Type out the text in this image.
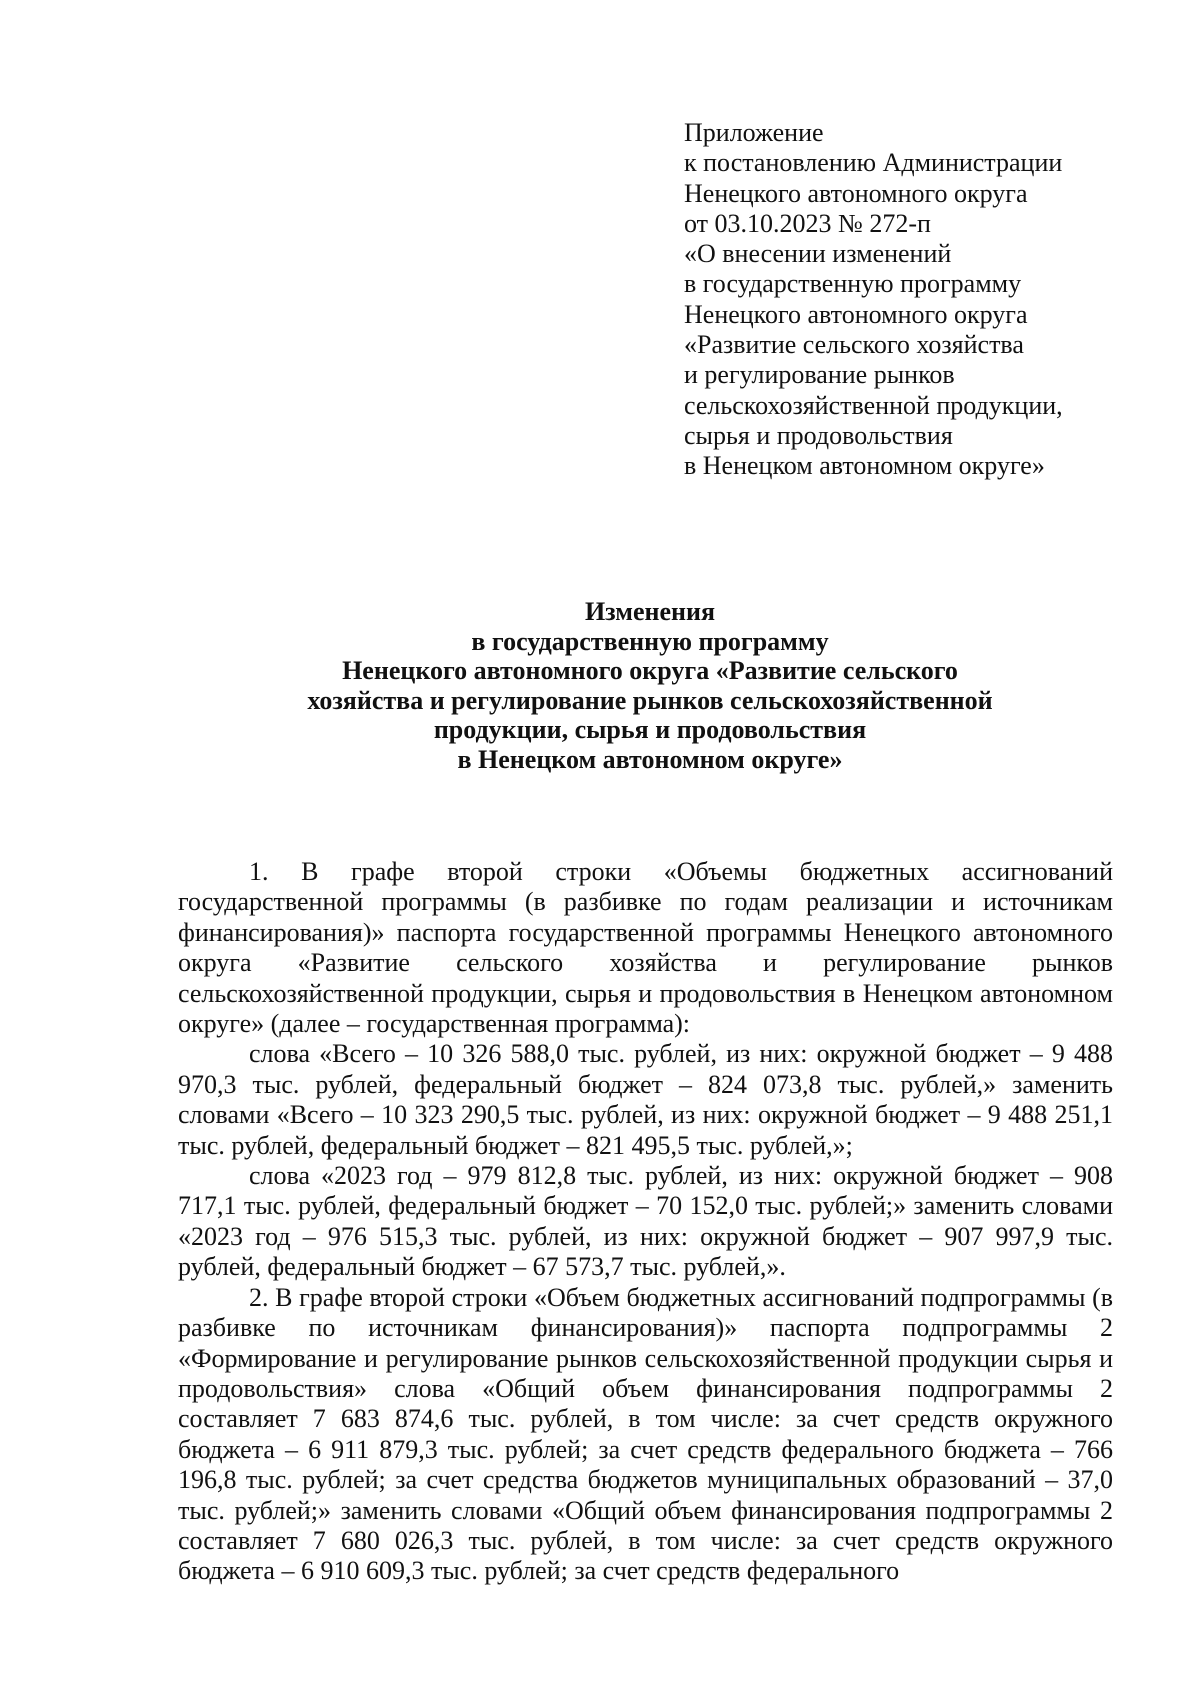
Приложение
к постановлению Администрации
Ненецкого автономного округа
от 03.10.2023 № 272-п
«О внесении изменений
в государственную программу
Ненецкого автономного округа
«Развитие сельского хозяйства
и регулирование рынков
сельскохозяйственной продукции,
сырья и продовольствия
в Ненецком автономном округе»
Изменения
в государственную программу
Ненецкого автономного округа «Развитие сельского
хозяйства и регулирование рынков сельскохозяйственной
продукции, сырья и продовольствия
в Ненецком автономном округе»

1. В графе второй строки «Объемы бюджетных ассигнований государственной программы (в разбивке по годам реализации и источникам финансирования)» паспорта государственной программы Ненецкого автономного округа «Развитие сельского хозяйства и регулирование рынков сельскохозяйственной продукции, сырья и продовольствия в Ненецком автономном округе» (далее – государственная программа):

слова «Всего – 10 326 588,0 тыс. рублей, из них: окружной бюджет – 9 488 970,3 тыс. рублей, федеральный бюджет – 824 073,8 тыс. рублей,» заменить словами «Всего – 10 323 290,5 тыс. рублей, из них: окружной бюджет – 9 488 251,1 тыс. рублей, федеральный бюджет – 821 495,5 тыс. рублей,»;

слова «2023 год – 979 812,8 тыс. рублей, из них: окружной бюджет – 908 717,1 тыс. рублей, федеральный бюджет – 70 152,0 тыс. рублей;» заменить словами «2023 год – 976 515,3 тыс. рублей, из них: окружной бюджет – 907 997,9 тыс. рублей, федеральный бюджет – 67 573,7 тыс. рублей,».

2. В графе второй строки «Объем бюджетных ассигнований подпрограммы (в разбивке по источникам финансирования)» паспорта подпрограммы 2 «Формирование и регулирование рынков сельскохозяйственной продукции сырья и продовольствия» слова «Общий объем финансирования подпрограммы 2 составляет 7 683 874,6 тыс. рублей, в том числе: за счет средств окружного бюджета – 6 911 879,3 тыс. рублей; за счет средств федерального бюджета – 766 196,8 тыс. рублей; за счет средства бюджетов муниципальных образований – 37,0 тыс. рублей;» заменить словами «Общий объем финансирования подпрограммы 2 составляет 7 680 026,3 тыс. рублей, в том числе: за счет средств окружного бюджета – 6 910 609,3 тыс. рублей; за счет средств федерального
